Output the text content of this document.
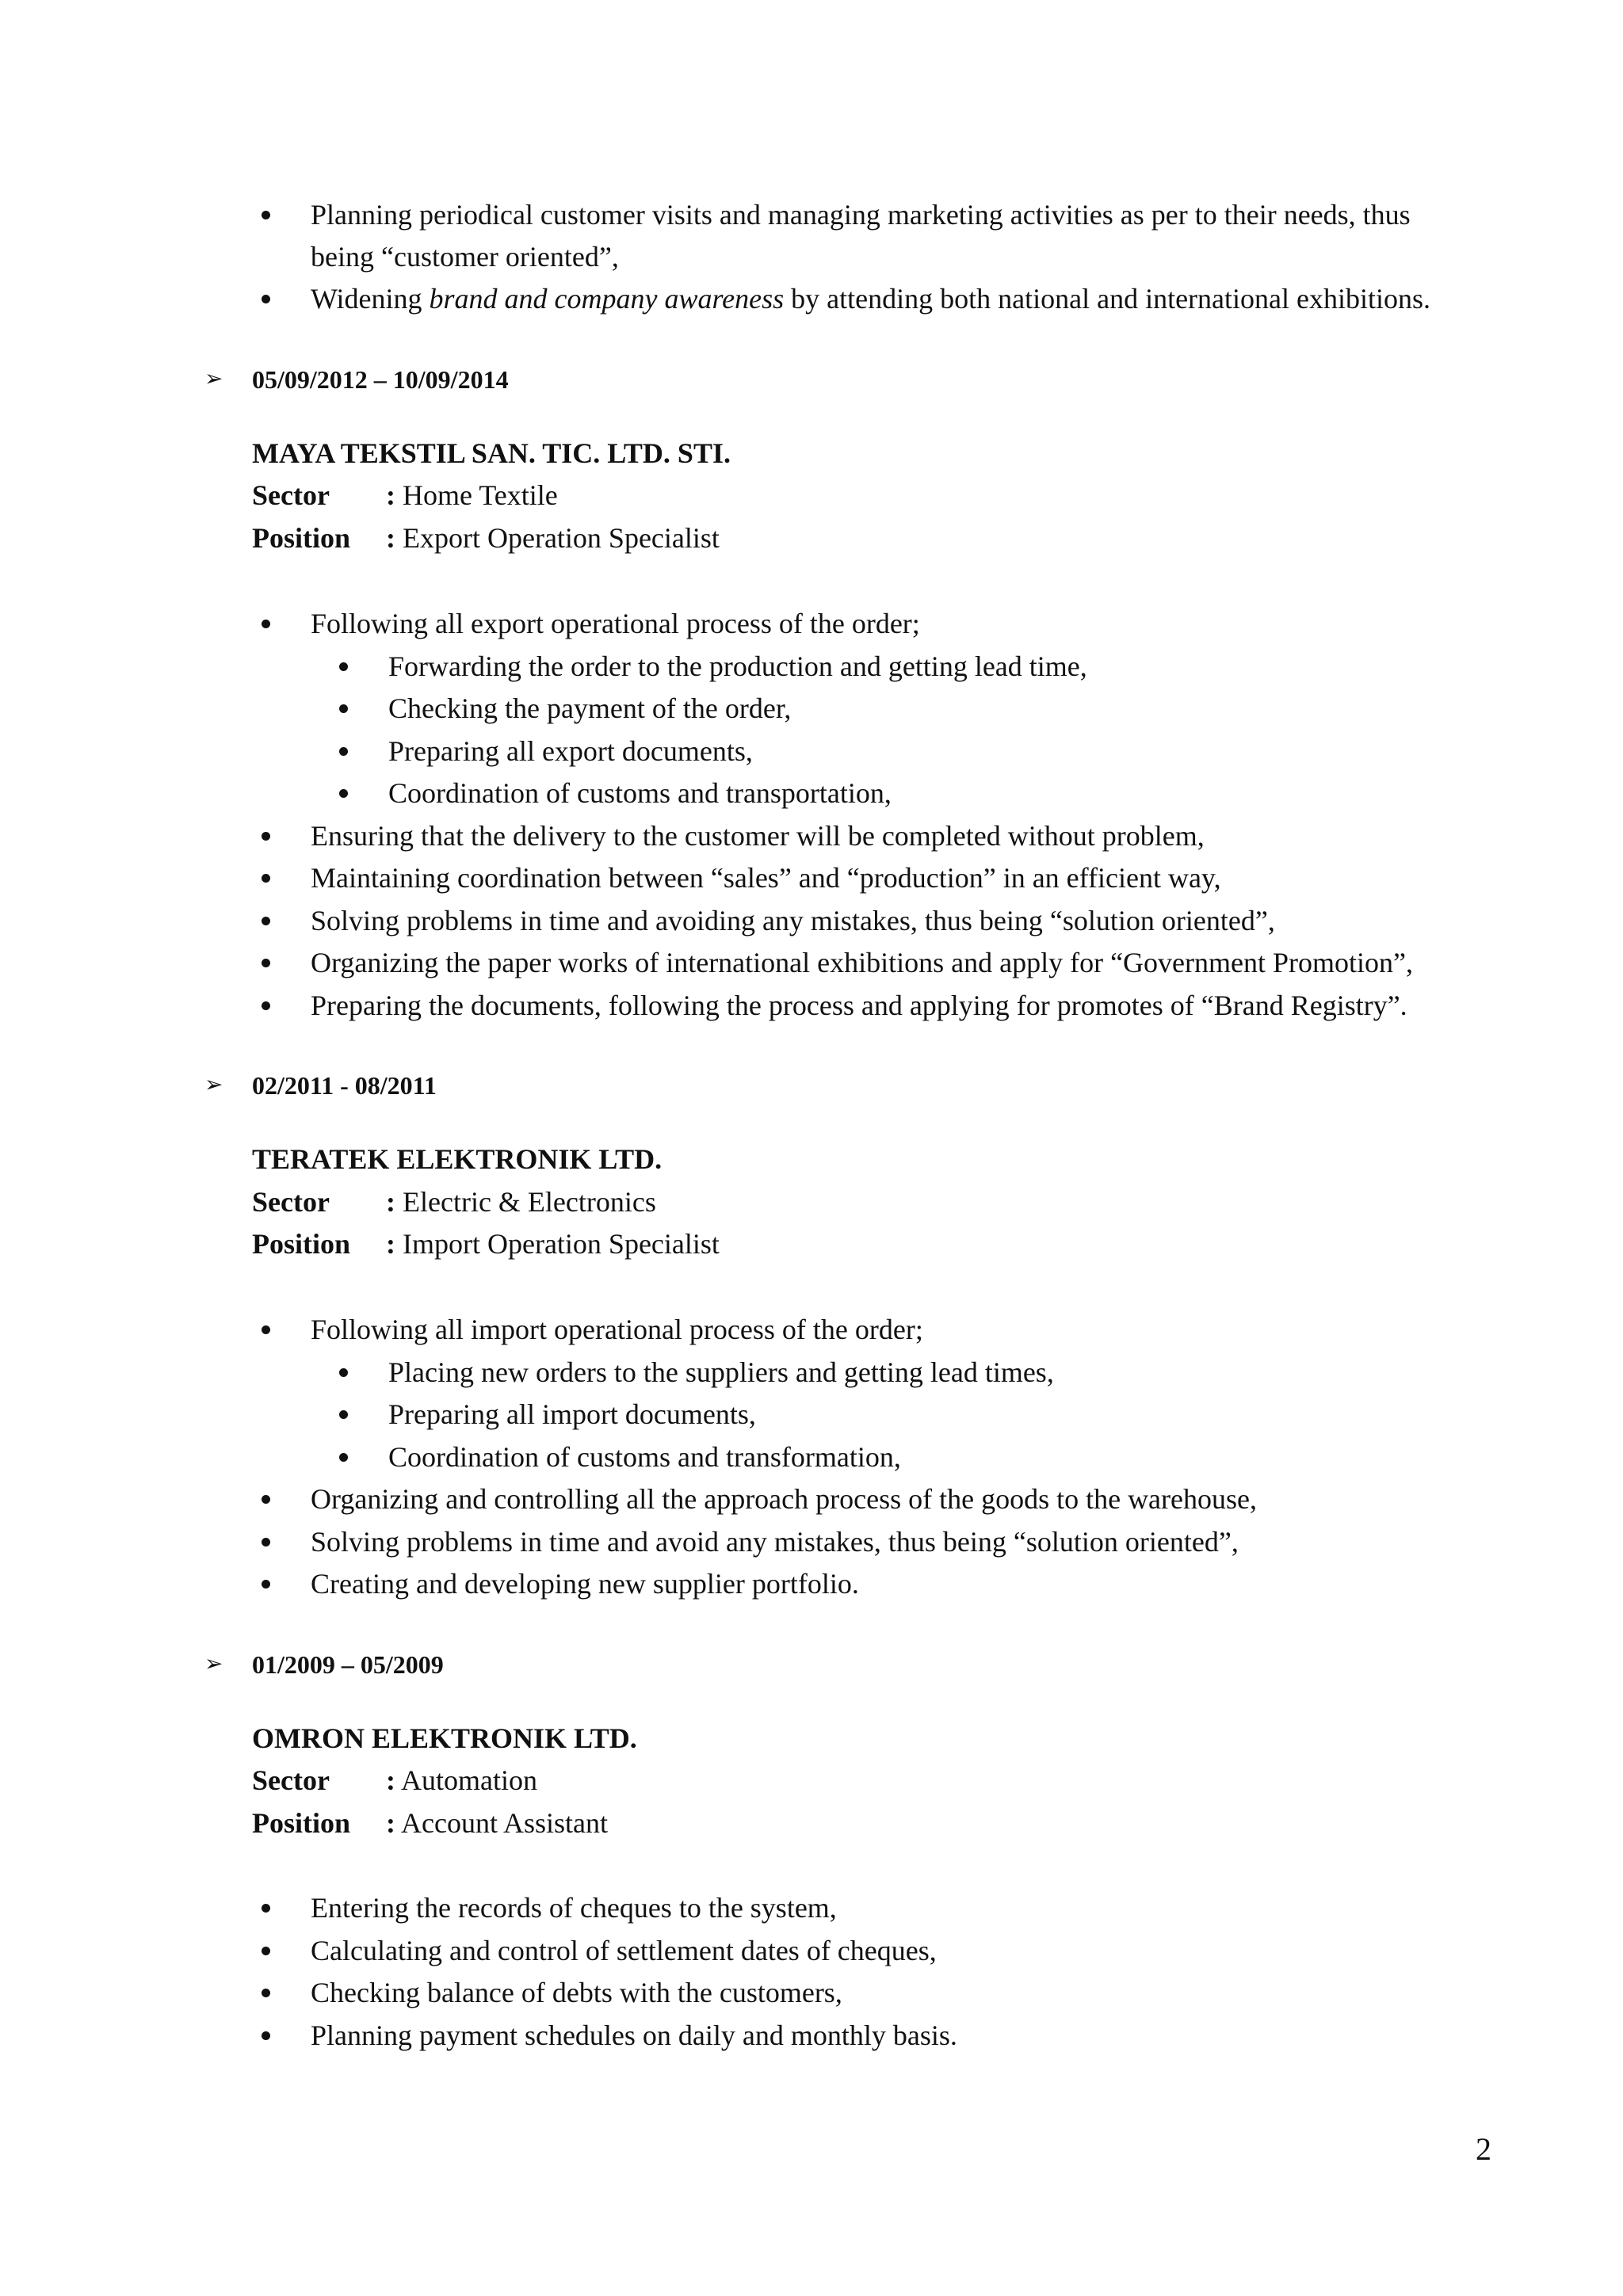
Planning periodical customer visits and managing marketing activities as per to their needs, thus
being “customer oriented”,
Widening brand and company awareness by attending both national and international exhibitions.
➢ 05/09/2012 – 10/09/2014
MAYA TEKSTIL SAN. TIC. LTD. STI.
Sector : Home Textile
Position : Export Operation Specialist
Following all export operational process of the order;
Forwarding the order to the production and getting lead time,
Checking the payment of the order,
Preparing all export documents,
Coordination of customs and transportation,
Ensuring that the delivery to the customer will be completed without problem,
Maintaining coordination between “sales” and “production” in an efficient way,
Solving problems in time and avoiding any mistakes, thus being “solution oriented”,
Organizing the paper works of international exhibitions and apply for “Government Promotion”,
Preparing the documents, following the process and applying for promotes of “Brand Registry”.
➢ 02/2011 - 08/2011
TERATEK ELEKTRONIK LTD.
Sector : Electric & Electronics
Position : Import Operation Specialist
Following all import operational process of the order;
Placing new orders to the suppliers and getting lead times,
Preparing all import documents,
Coordination of customs and transformation,
Organizing and controlling all the approach process of the goods to the warehouse,
Solving problems in time and avoid any mistakes, thus being “solution oriented”,
Creating and developing new supplier portfolio.
➢ 01/2009 – 05/2009
OMRON ELEKTRONIK LTD.
Sector : Automation
Position : Account Assistant
Entering the records of cheques to the system,
Calculating and control of settlement dates of cheques,
Checking balance of debts with the customers,
Planning payment schedules on daily and monthly basis.
2
